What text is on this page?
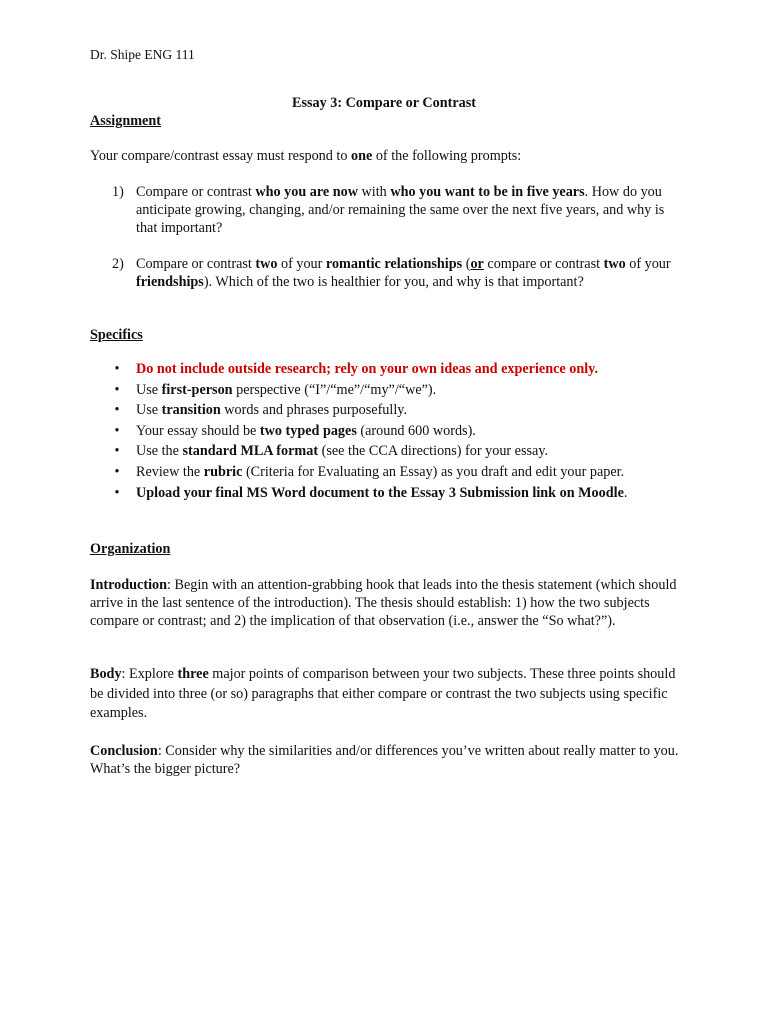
Dr. Shipe ENG 111
Essay 3: Compare or Contrast
Assignment
Your compare/contrast essay must respond to one of the following prompts:
1) Compare or contrast who you are now with who you want to be in five years. How do you anticipate growing, changing, and/or remaining the same over the next five years, and why is that important?
2) Compare or contrast two of your romantic relationships (or compare or contrast two of your friendships). Which of the two is healthier for you, and why is that important?
Specifics
• Do not include outside research; rely on your own ideas and experience only.
• Use first-person perspective (“I”/“me”/“my”/“we”).
• Use transition words and phrases purposefully.
• Your essay should be two typed pages (around 600 words).
• Use the standard MLA format (see the CCA directions) for your essay.
• Review the rubric (Criteria for Evaluating an Essay) as you draft and edit your paper.
• Upload your final MS Word document to the Essay 3 Submission link on Moodle.
Organization
Introduction: Begin with an attention-grabbing hook that leads into the thesis statement (which should arrive in the last sentence of the introduction). The thesis should establish: 1) how the two subjects compare or contrast; and 2) the implication of that observation (i.e., answer the “So what?”).
Body: Explore three major points of comparison between your two subjects. These three points should be divided into three (or so) paragraphs that either compare or contrast the two subjects using specific examples.
Conclusion: Consider why the similarities and/or differences you’ve written about really matter to you. What’s the bigger picture?
